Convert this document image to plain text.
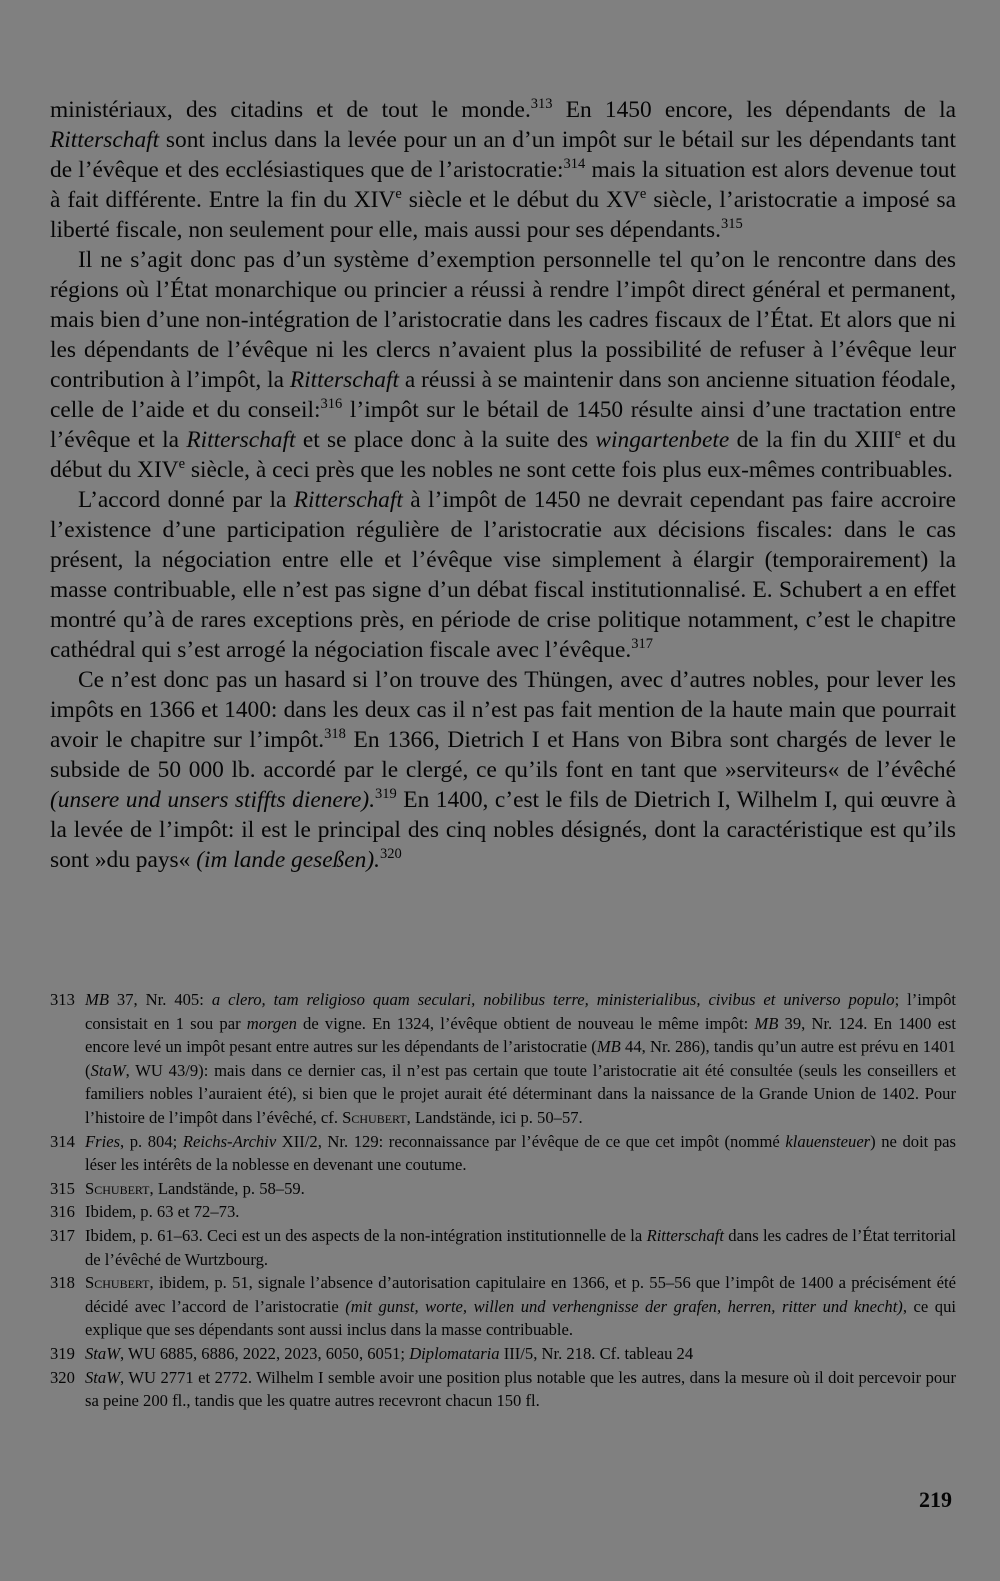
ministériaux, des citadins et de tout le monde.$^{313}$ En 1450 encore, les dépendants de la Ritterschaft sont inclus dans la levée pour un an d’un impôt sur le bétail sur les dépendants tant de l’évêque et des ecclésiastiques que de l’aristocratie:$^{314}$ mais la situation est alors devenue tout à fait différente. Entre la fin du XIVe siècle et le début du XVe siècle, l’aristocratie a imposé sa liberté fiscale, non seulement pour elle, mais aussi pour ses dépendants.$^{315}$

Il ne s’agit donc pas d’un système d’exemption personnelle tel qu’on le rencontre dans des régions où l’État monarchique ou princier a réussi à rendre l’impôt direct général et permanent, mais bien d’une non-intégration de l’aristocratie dans les cadres fiscaux de l’État. Et alors que ni les dépendants de l’évêque ni les clercs n’avaient plus la possibilité de refuser à l’évêque leur contribution à l’impôt, la Ritterschaft a réussi à se maintenir dans son ancienne situation féodale, celle de l’aide et du conseil:$^{316}$ l’impôt sur le bétail de 1450 résulte ainsi d’une tractation entre l’évêque et la Ritterschaft et se place donc à la suite des wingartenbete de la fin du XIIIe et du début du XIVe siècle, à ceci près que les nobles ne sont cette fois plus eux-mêmes contribuables.

L’accord donné par la Ritterschaft à l’impôt de 1450 ne devrait cependant pas faire accroire l’existence d’une participation régulière de l’aristocratie aux décisions fiscales: dans le cas présent, la négociation entre elle et l’évêque vise simplement à élargir (temporairement) la masse contribuable, elle n’est pas signe d’un débat fiscal institutionnalisé. E. Schubert a en effet montré qu’à de rares exceptions près, en période de crise politique notamment, c’est le chapitre cathédral qui s’est arrogé la négociation fiscale avec l’évêque.$^{317}$

Ce n’est donc pas un hasard si l’on trouve des Thüngen, avec d’autres nobles, pour lever les impôts en 1366 et 1400: dans les deux cas il n’est pas fait mention de la haute main que pourrait avoir le chapitre sur l’impôt.$^{318}$ En 1366, Dietrich I et Hans von Bibra sont chargés de lever le subside de 50 000 lb. accordé par le clergé, ce qu’ils font en tant que »serviteurs« de l’évêché (unsere und unsers stiffts dienere).$^{319}$ En 1400, c’est le fils de Dietrich I, Wilhelm I, qui œuvre à la levée de l’impôt: il est le principal des cinq nobles désignés, dont la caractéristique est qu’ils sont »du pays« (im lande geseßen).$^{320}$

313 MB 37, Nr. 405: a clero, tam religioso quam seculari, nobilibus terre, ministerialibus, civibus et universo populo; l’impôt consistait en 1 sou par morgen de vigne. En 1324, l’évêque obtient de nouveau le même impôt: MB 39, Nr. 124. En 1400 est encore levé un impôt pesant entre autres sur les dépendants de l’aristocratie (MB 44, Nr. 286), tandis qu’un autre est prévu en 1401 (StaW, WU 43/9): mais dans ce dernier cas, il n’est pas certain que toute l’aristocratie ait été consultée (seuls les conseillers et familiers nobles l’auraient été), si bien que le projet aurait été déterminant dans la naissance de la Grande Union de 1402. Pour l’histoire de l’impôt dans l’évêché, cf. Schubert, Landstände, ici p. 50–57.
314 Fries, p. 804; Reichs-Archiv XII/2, Nr. 129: reconnaissance par l’évêque de ce que cet impôt (nommé klauensteuer) ne doit pas léser les intérêts de la noblesse en devenant une coutume.
315 Schubert, Landstände, p. 58–59.
316 Ibidem, p. 63 et 72–73.
317 Ibidem, p. 61–63. Ceci est un des aspects de la non-intégration institutionnelle de la Ritterschaft dans les cadres de l’État territorial de l’évêché de Wurtzbourg.
318 Schubert, ibidem, p. 51, signale l’absence d’autorisation capitulaire en 1366, et p. 55–56 que l’impôt de 1400 a précisément été décidé avec l’accord de l’aristocratie (mit gunst, worte, willen und verhengnisse der grafen, herren, ritter und knecht), ce qui explique que ses dépendants sont aussi inclus dans la masse contribuable.
319 StaW, WU 6885, 6886, 2022, 2023, 6050, 6051; Diplomataria III/5, Nr. 218. Cf. tableau 24
320 StaW, WU 2771 et 2772. Wilhelm I semble avoir une position plus notable que les autres, dans la mesure où il doit percevoir pour sa peine 200 fl., tandis que les quatre autres recevront chacun 150 fl.
219
